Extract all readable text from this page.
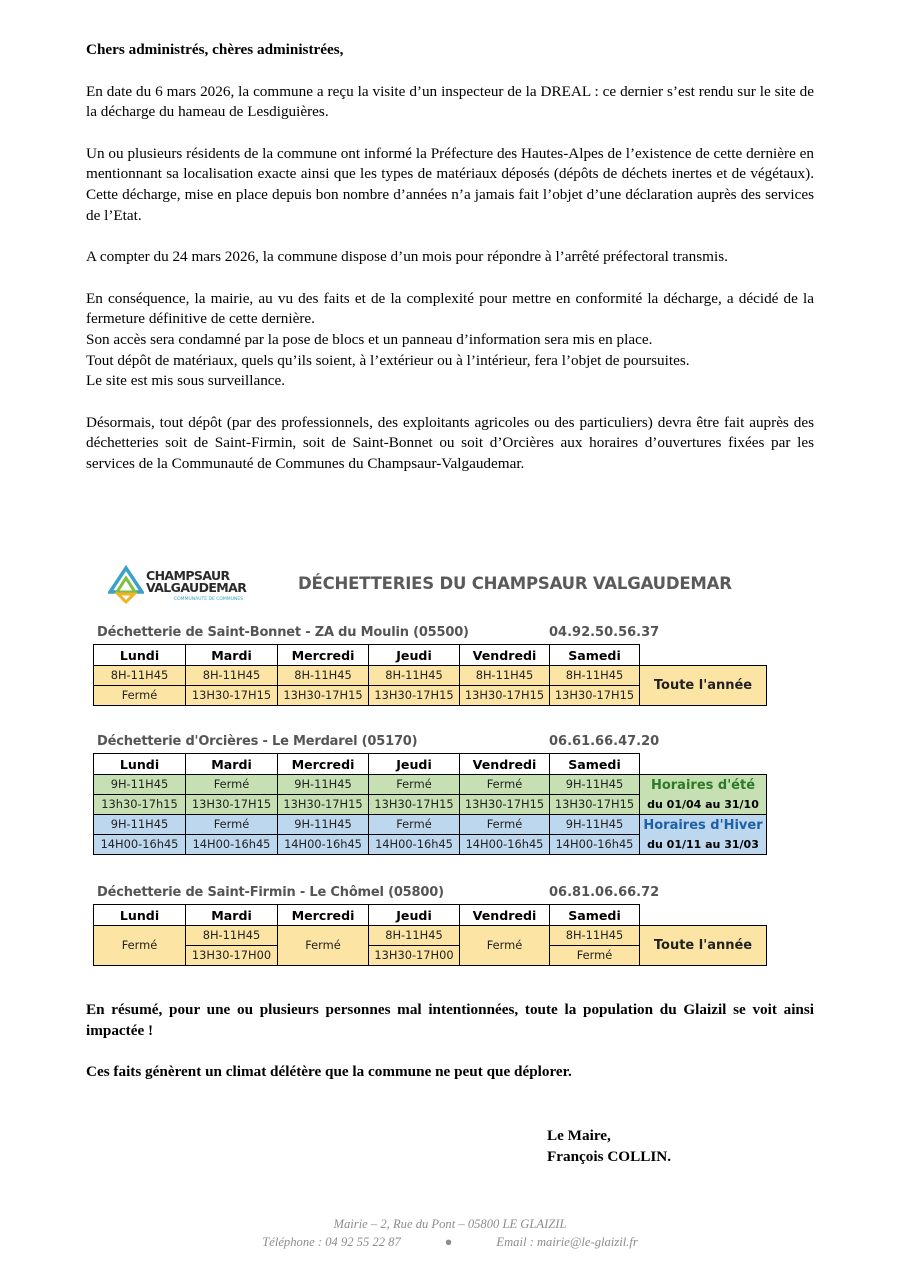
Chers administrés, chères administrées,

En date du 6 mars 2026, la commune a reçu la visite d’un inspecteur de la DREAL : ce dernier s’est rendu sur le site de la décharge du hameau de Lesdiguières.

Un ou plusieurs résidents de la commune ont informé la Préfecture des Hautes-Alpes de l’existence de cette dernière en mentionnant sa localisation exacte ainsi que les types de matériaux déposés (dépôts de déchets inertes et de végétaux). Cette décharge, mise en place depuis bon nombre d’années n’a jamais fait l’objet d’une déclaration auprès des services de l’Etat.

A compter du 24 mars 2026, la commune dispose d’un mois pour répondre à l’arrêté préfectoral transmis.

En conséquence, la mairie, au vu des faits et de la complexité pour mettre en conformité la décharge, a décidé de la fermeture définitive de cette dernière.

Son accès sera condamné par la pose de blocs et un panneau d’information sera mis en place.

Tout dépôt de matériaux, quels qu’ils soient, à l’extérieur ou à l’intérieur, fera l’objet de poursuites.

Le site est mis sous surveillance.

Désormais, tout dépôt (par des professionnels, des exploitants agricoles ou des particuliers) devra être fait auprès des déchetteries soit de Saint-Firmin, soit de Saint-Bonnet ou soit d’Orcières aux horaires d’ouvertures fixées par les services de la Communauté de Communes du Champsaur-Valgaudemar.

CHAMPSAUR
VALGAUDEMAR
COMMUNAUTÉ DE COMMUNES
DÉCHETTERIES DU CHAMPSAUR VALGAUDEMAR
Déchetterie de Saint-Bonnet - ZA du Moulin (05500)	04.92.50.56.37
Lundi	Mardi	Mercredi	Jeudi	Vendredi	Samedi	
8H-11H45	8H-11H45	8H-11H45	8H-11H45	8H-11H45	8H-11H45	Toute l'année
Fermé	13H30-17H15	13H30-17H15	13H30-17H15	13H30-17H15	13H30-17H15	
Déchetterie d'Orcières - Le Merdarel (05170)	06.61.66.47.20
Lundi	Mardi	Mercredi	Jeudi	Vendredi	Samedi	
9H-11H45	Fermé	9H-11H45	Fermé	Fermé	9H-11H45	Horaires d'été
du 01/04 au 31/10

13h30-17h15	13H30-17H15	13H30-17H15	13H30-17H15	13H30-17H15	13H30-17H15	
9H-11H45	Fermé	9H-11H45	Fermé	Fermé	9H-11H45	Horaires d'Hiver
du 01/11 au 31/03

14H00-16h45	14H00-16h45	14H00-16h45	14H00-16h45	14H00-16h45	14H00-16h45	
Déchetterie de Saint-Firmin - Le Chômel (05800)	06.81.06.66.72
Lundi	Mardi	Mercredi	Jeudi	Vendredi	Samedi	
Fermé	8H-11H45	Fermé	8H-11H45	Fermé	8H-11H45	Toute l'année
	13H30-17H00		13H30-17H00		Fermé	

En résumé, pour une ou plusieurs personnes mal intentionnées, toute la population du Glaizil se voit ainsi impactée !

Ces faits génèrent un climat délétère que la commune ne peut que déplorer.

Le Maire,
François COLLIN.
Mairie – 2, Rue du Pont – 05800 LE GLAIZIL
Téléphone : 04 92 55 22 87	●	Email : mairie@le-glaizil.fr
